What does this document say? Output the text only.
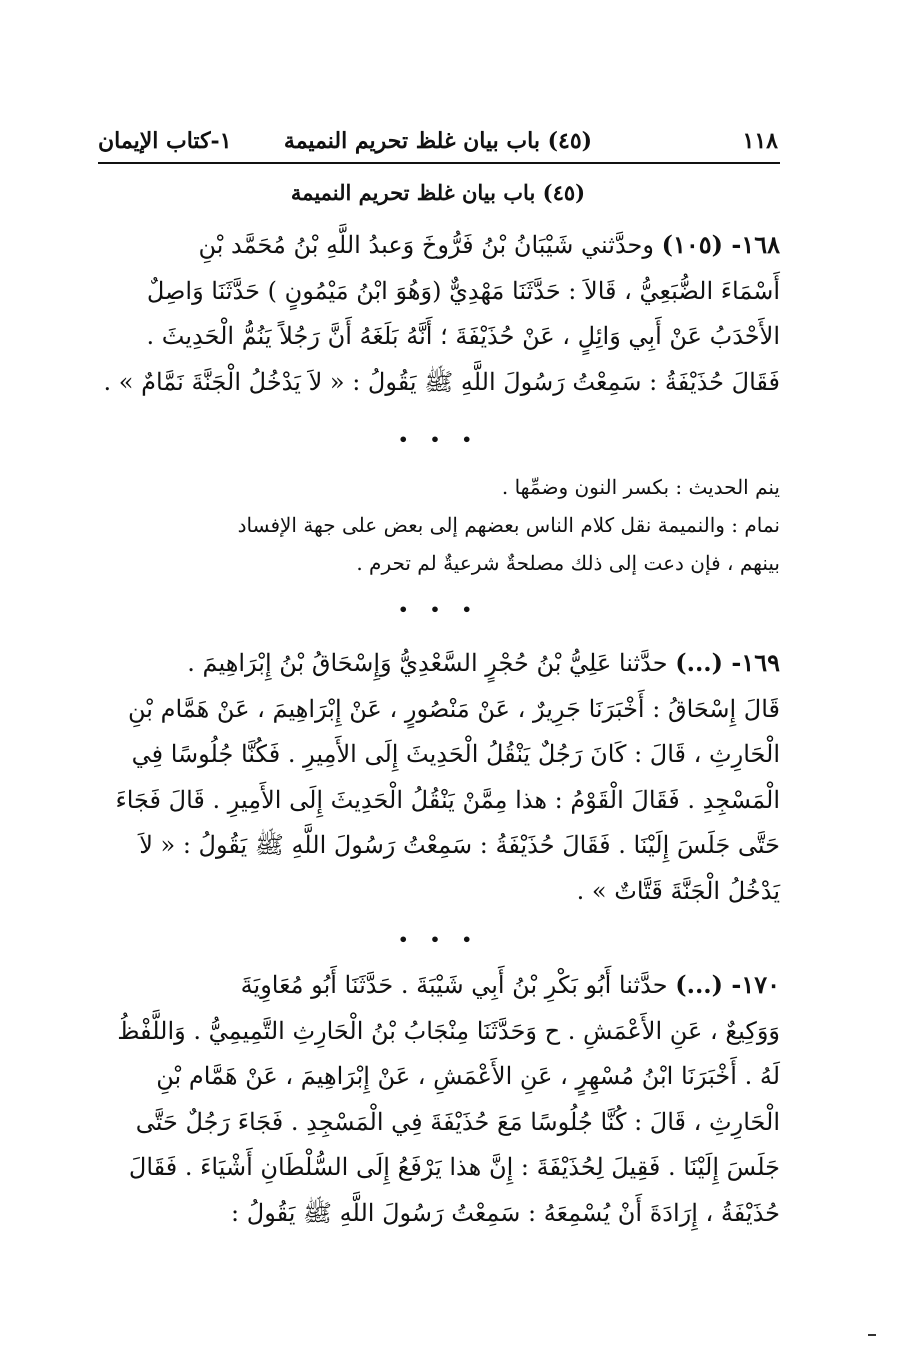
١١٨
(٤٥) باب بيان غلظ تحريم النميمة
١-كتاب الإيمان
(٤٥) باب بيان غلظ تحريم النميمة
١٦٨- (١٠٥) وحدَّثني شَيْبَانُ بْنُ فَرُّوخَ وَعبدُ اللَّهِ بْنُ مُحَمَّد بْنِ
أَسْمَاءَ الضُّبَعِيُّ ، قَالاَ : حَدَّثَنَا مَهْدِيٌّ (وَهُوَ ابْنُ مَيْمُونٍ ) حَدَّثَنَا وَاصِلٌ
الأَحْدَبُ عَنْ أَبِي وَائِلٍ ، عَنْ حُذَيْفَةَ ؛ أَنَّهُ بَلَغَهُ أَنَّ رَجُلاً يَنُمُّ الْحَدِيثَ .
فَقَالَ حُذَيْفَةُ : سَمِعْتُ رَسُولَ اللَّهِ ﷺ يَقُولُ : « لاَ يَدْخُلُ الْجَنَّةَ نَمَّامٌ » .
• • •
ينم الحديث : بكسر النون وضمِّها .
نمام : والنميمة نقل كلام الناس بعضهم إلى بعض على جهة الإفساد
بينهم ، فإن دعت إلى ذلك مصلحةٌ شرعيةٌ لم تحرم .
• • •
١٦٩- (...) حدَّثنا عَلِيُّ بْنُ حُجْرٍ السَّعْدِيُّ وَإِسْحَاقُ بْنُ إِبْرَاهِيمَ .
قَالَ إِسْحَاقُ : أَخْبَرَنَا جَرِيرٌ ، عَنْ مَنْصُورٍ ، عَنْ إِبْرَاهِيمَ ، عَنْ هَمَّام بْنِ
الْحَارِثِ ، قَالَ : كَانَ رَجُلٌ يَنْقُلُ الْحَدِيثَ إِلَى الأَمِيرِ . فَكُنَّا جُلُوسًا فِي
الْمَسْجِدِ . فَقَالَ الْقَوْمُ : هذا مِمَّنْ يَنْقُلُ الْحَدِيثَ إِلَى الأَمِيرِ . قَالَ فَجَاءَ
حَتَّى جَلَسَ إِلَيْنَا . فَقَالَ حُذَيْفَةُ : سَمِعْتُ رَسُولَ اللَّهِ ﷺ يَقُولُ : « لاَ
يَدْخُلُ الْجَنَّةَ قَتَّاتٌ » .
• • •
١٧٠- (...) حدَّثنا أَبُو بَكْرِ بْنُ أَبِي شَيْبَةَ . حَدَّثَنَا أَبُو مُعَاوِيَةَ
وَوَكِيعٌ ، عَنِ الأَعْمَشِ . ح وَحَدَّثَنَا مِنْجَابُ بْنُ الْحَارِثِ التَّمِيمِيُّ . وَاللَّفْظُ
لَهُ . أَخْبَرَنَا ابْنُ مُسْهِرٍ ، عَنِ الأَعْمَشِ ، عَنْ إِبْرَاهِيمَ ، عَنْ هَمَّام بْنِ
الْحَارِثِ ، قَالَ : كُنَّا جُلُوسًا مَعَ حُذَيْفَةَ فِي الْمَسْجِدِ . فَجَاءَ رَجُلٌ حَتَّى
جَلَسَ إِلَيْنَا . فَقِيلَ لِحُذَيْفَةَ : إِنَّ هذا يَرْفَعُ إِلَى السُّلْطَانِ أَشْيَاءَ . فَقَالَ
حُذَيْفَةُ ، إِرَادَةَ أَنْ يُسْمِعَهُ : سَمِعْتُ رَسُولَ اللَّهِ ﷺ يَقُولُ :
